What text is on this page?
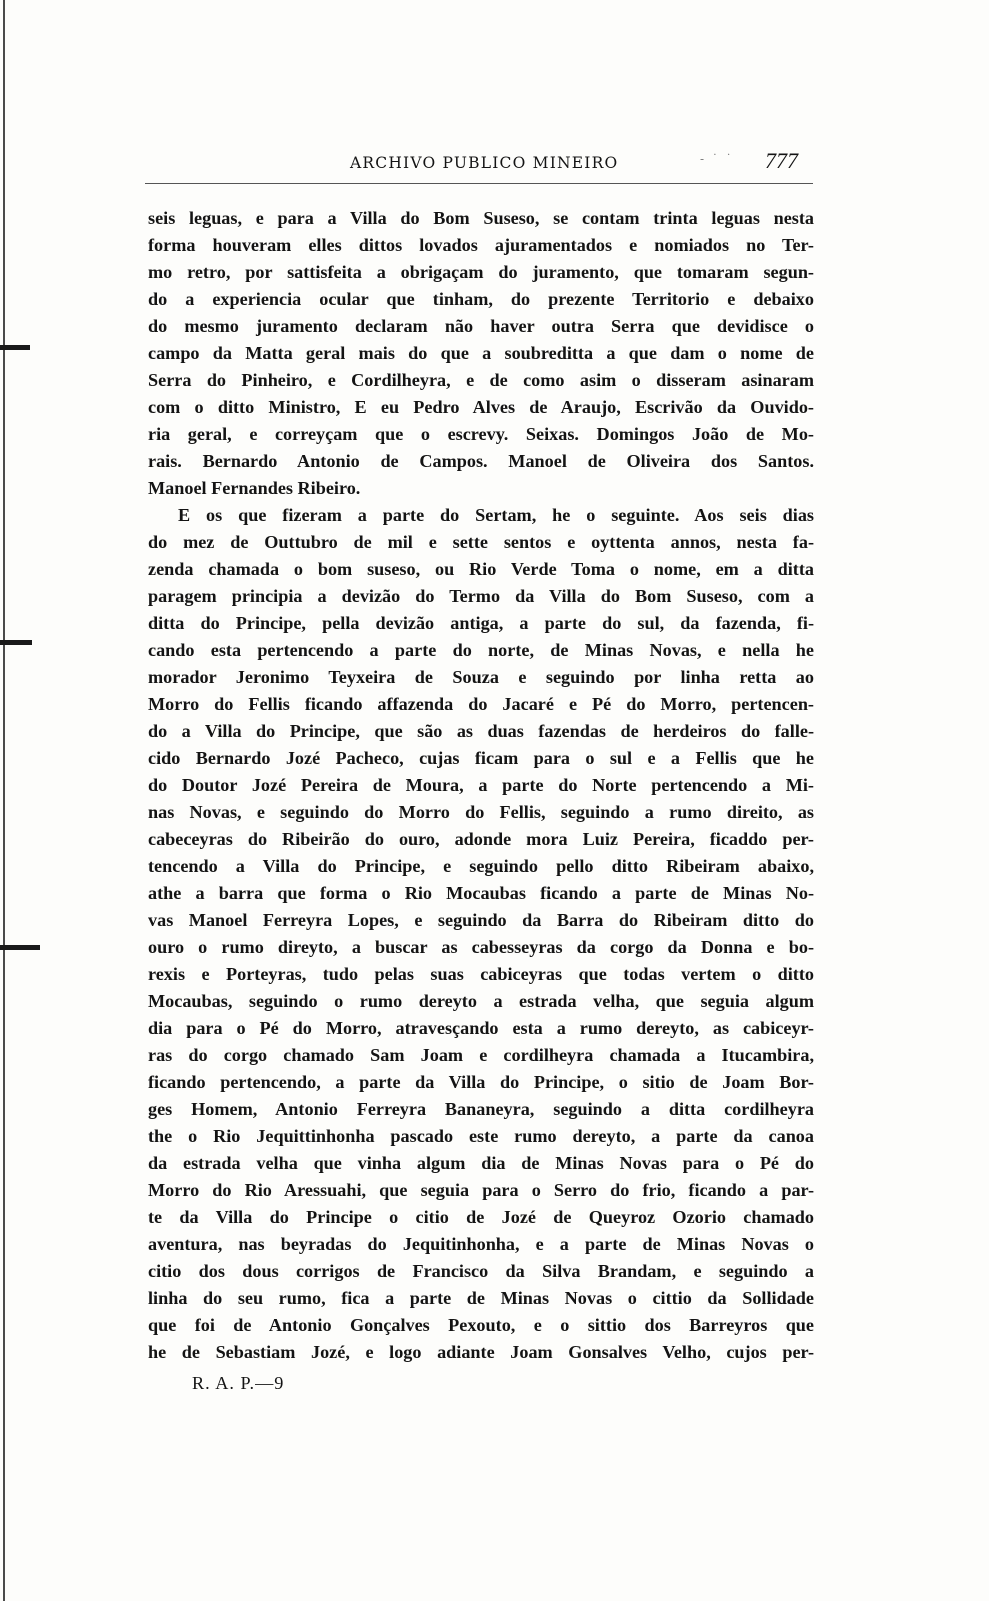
ARCHIVO PUBLICO MINEIRO	777
- ˙ ˙
seis leguas, e para a Villa do Bom Suseso, se contam trinta leguas nesta
forma houveram elles dittos lovados ajuramentados e nomiados no Ter-
mo retro, por sattisfeita a obrigaçam do juramento, que tomaram segun-
do a experiencia ocular que tinham, do prezente Territorio e debaixo
do mesmo juramento declaram não haver outra Serra que devidisce o
campo da Matta geral mais do que a soubreditta a que dam o nome de
Serra do Pinheiro, e Cordilheyra, e de como asim o disseram asinaram
com o ditto Ministro, E eu Pedro Alves de Araujo, Escrivão da Ouvido-
ria geral, e correyçam que o escrevy. Seixas. Domingos João de Mo-
rais. Bernardo Antonio de Campos. Manoel de Oliveira dos Santos.
Manoel Fernandes Ribeiro.
E os que fizeram a parte do Sertam, he o seguinte. Aos seis dias
do mez de Outtubro de mil e sette sentos e oyttenta annos, nesta fa-
zenda chamada o bom suseso, ou Rio Verde Toma o nome, em a ditta
paragem principia a devizão do Termo da Villa do Bom Suseso, com a
ditta do Principe, pella devizão antiga, a parte do sul, da fazenda, fi-
cando esta pertencendo a parte do norte, de Minas Novas, e nella he
morador Jeronimo Teyxeira de Souza e seguindo por linha retta ao
Morro do Fellis ficando affazenda do Jacaré e Pé do Morro, pertencen-
do a Villa do Principe, que são as duas fazendas de herdeiros do falle-
cido Bernardo Jozé Pacheco, cujas ficam para o sul e a Fellis que he
do Doutor Jozé Pereira de Moura, a parte do Norte pertencendo a Mi-
nas Novas, e seguindo do Morro do Fellis, seguindo a rumo direito, as
cabeceyras do Ribeirão do ouro, adonde mora Luiz Pereira, ficaddo per-
tencendo a Villa do Principe, e seguindo pello ditto Ribeiram abaixo,
athe a barra que forma o Rio Mocaubas ficando a parte de Minas No-
vas Manoel Ferreyra Lopes, e seguindo da Barra do Ribeiram ditto do
ouro o rumo direyto, a buscar as cabesseyras da corgo da Donna e bo-
rexis e Porteyras, tudo pelas suas cabiceyras que todas vertem o ditto
Mocaubas, seguindo o rumo dereyto a estrada velha, que seguia algum
dia para o Pé do Morro, atravesçando esta a rumo dereyto, as cabiceyr-
ras do corgo chamado Sam Joam e cordilheyra chamada a Itucambira,
ficando pertencendo, a parte da Villa do Principe, o sitio de Joam Bor-
ges Homem, Antonio Ferreyra Bananeyra, seguindo a ditta cordilheyra
the o Rio Jequittinhonha pascado este rumo dereyto, a parte da canoa
da estrada velha que vinha algum dia de Minas Novas para o Pé do
Morro do Rio Aressuahi, que seguia para o Serro do frio, ficando a par-
te da Villa do Principe o citio de Jozé de Queyroz Ozorio chamado
aventura, nas beyradas do Jequitinhonha, e a parte de Minas Novas o
citio dos dous corrigos de Francisco da Silva Brandam, e seguindo a
linha do seu rumo, fica a parte de Minas Novas o cittio da Sollidade
que foi de Antonio Gonçalves Pexouto, e o sittio dos Barreyros que
he de Sebastiam Jozé, e logo adiante Joam Gonsalves Velho, cujos per-
R. A. P.—9
